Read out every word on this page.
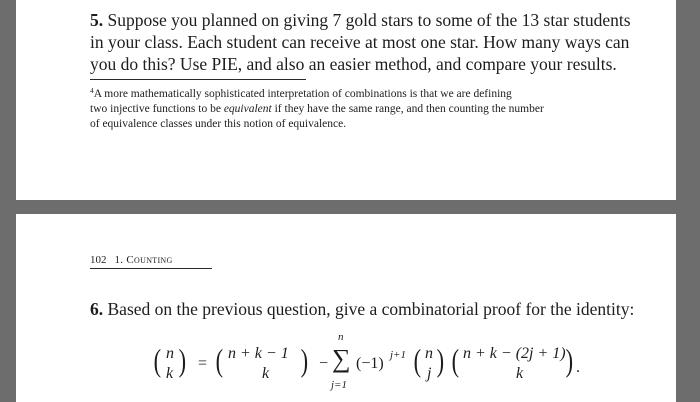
5. Suppose you planned on giving 7 gold stars to some of the 13 star students
in your class. Each student can receive at most one star. How many ways can
you do this? Use PIE, and also an easier method, and compare your results.

$^4$A more mathematically sophisticated interpretation of combinations is that we are defining
two injective functions to be equivalent if they have the same range, and then counting the number
of equivalence classes under this notion of equivalence.
102 1. Counting

6. Based on the previous question, give a combinatorial proof for the identity:

( n
k ) = ( n + k − 1
k ) −
n
∑
j=1
(−1) j+1 ( n
j ) ( n + k − (2j + 1)
k ) .
